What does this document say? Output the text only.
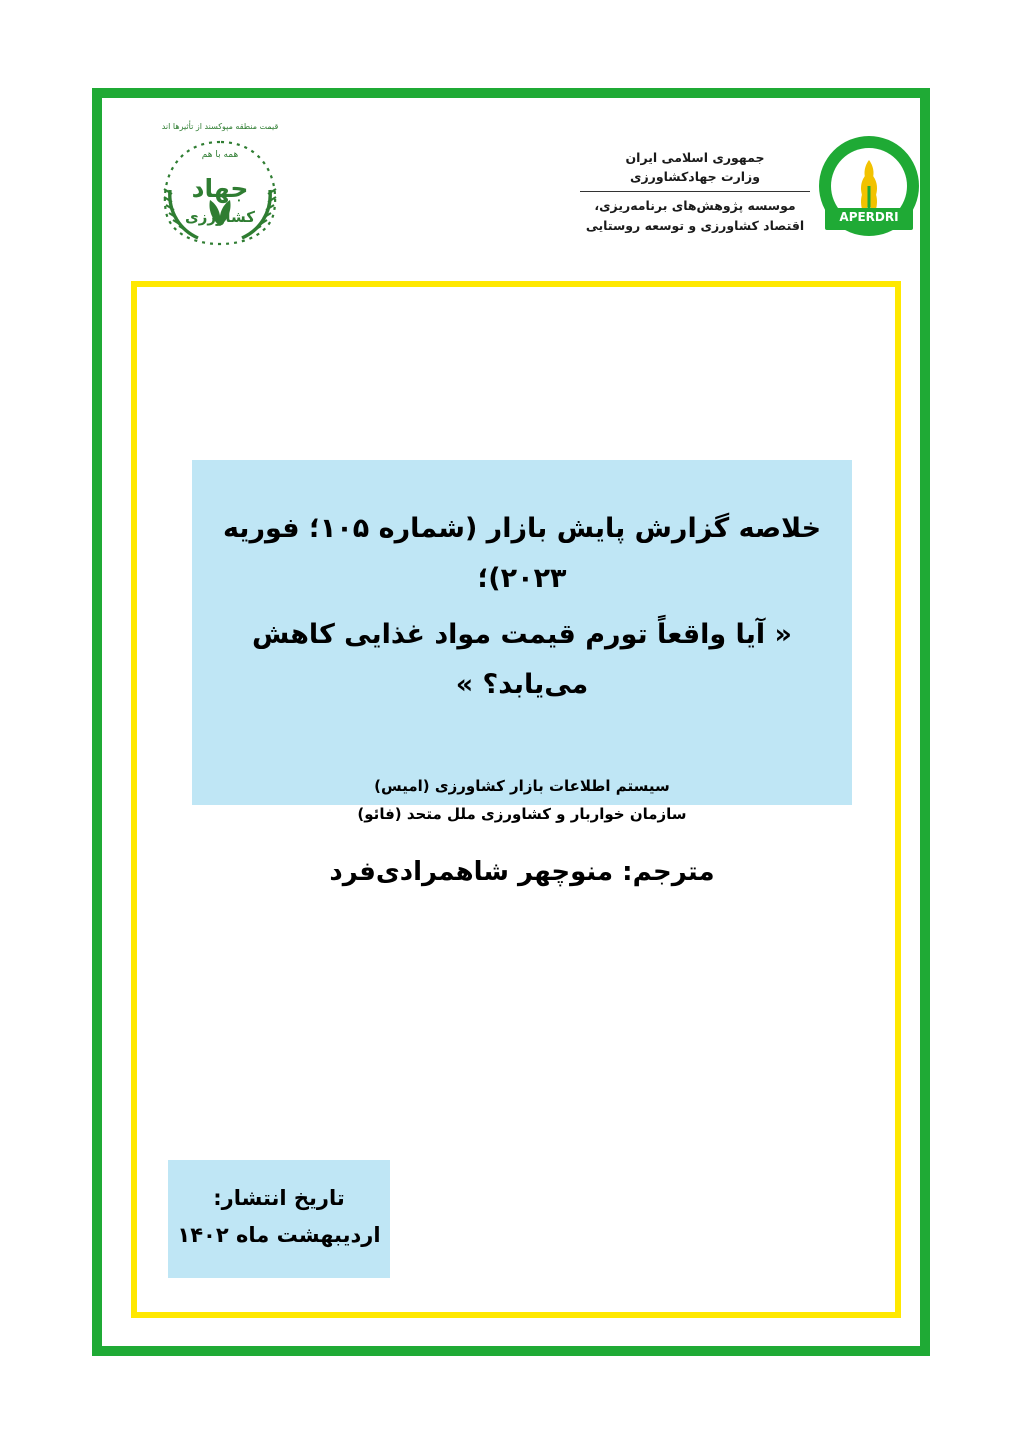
قیمت منطقه مپوکسند از تأثیرها اند
همه با هم
جهاد
کشاورزی
جمهوری اسلامی ایران
وزارت جهادکشاورزی
موسسه پژوهش‌های برنامه‌ریزی،
اقتصاد کشاورزی و توسعه روستایی
APERDRI
خلاصه گزارش پایش بازار (شماره ۱۰۵؛ فوریه ۲۰۲۳)؛
« آیا واقعاً تورم قیمت مواد غذایی کاهش می‌یابد؟ »
سیستم اطلاعات بازار کشاورزی (امیس)
سازمان خواربار و کشاورزی ملل متحد (فائو)
مترجم: منوچهر شاهمرادی‌فرد
تاریخ انتشار:
اردیبهشت ماه ۱۴۰۲
